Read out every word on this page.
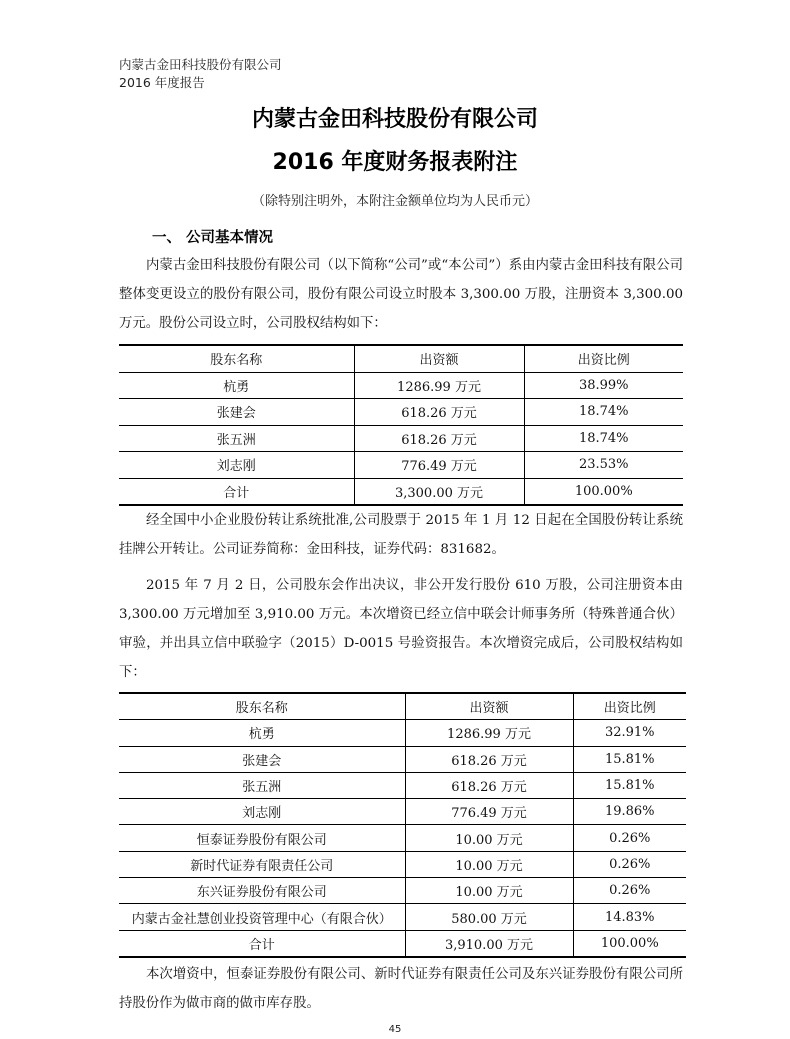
内蒙古金田科技股份有限公司
2016 年度报告
内蒙古金田科技股份有限公司
2016 年度财务报表附注
（除特别注明外，本附注金额单位均为人民币元）
一、 公司基本情况

内蒙古金田科技股份有限公司（以下简称“公司”或“本公司”）系由内蒙古金田科技有限公司整体变更设立的股份有限公司，股份有限公司设立时股本 3,300.00 万股，注册资本 3,300.00 万元。股份公司设立时，公司股权结构如下：

股东名称	出资额	出资比例
杭勇	1286.99 万元	38.99%
张建会	618.26 万元	18.74%
张五洲	618.26 万元	18.74%
刘志刚	776.49 万元	23.53%
合计	3,300.00 万元	100.00%

经全国中小企业股份转让系统批准,公司股票于 2015 年 1 月 12 日起在全国股份转让系统挂牌公开转让。公司证券简称：金田科技，证券代码：831682。

2015 年 7 月 2 日，公司股东会作出决议，非公开发行股份 610 万股，公司注册资本由 3,300.00 万元增加至 3,910.00 万元。本次增资已经立信中联会计师事务所（特殊普通合伙）审验，并出具立信中联验字（2015）D-0015 号验资报告。本次增资完成后，公司股权结构如下：

股东名称	出资额	出资比例
杭勇	1286.99 万元	32.91%
张建会	618.26 万元	15.81%
张五洲	618.26 万元	15.81%
刘志刚	776.49 万元	19.86%
恒泰证券股份有限公司	10.00 万元	0.26%
新时代证券有限责任公司	10.00 万元	0.26%
东兴证券股份有限公司	10.00 万元	0.26%
内蒙古金社慧创业投资管理中心（有限合伙）	580.00 万元	14.83%
合计	3,910.00 万元	100.00%

本次增资中，恒泰证券股份有限公司、新时代证券有限责任公司及东兴证券股份有限公司所持股份作为做市商的做市库存股。

45
